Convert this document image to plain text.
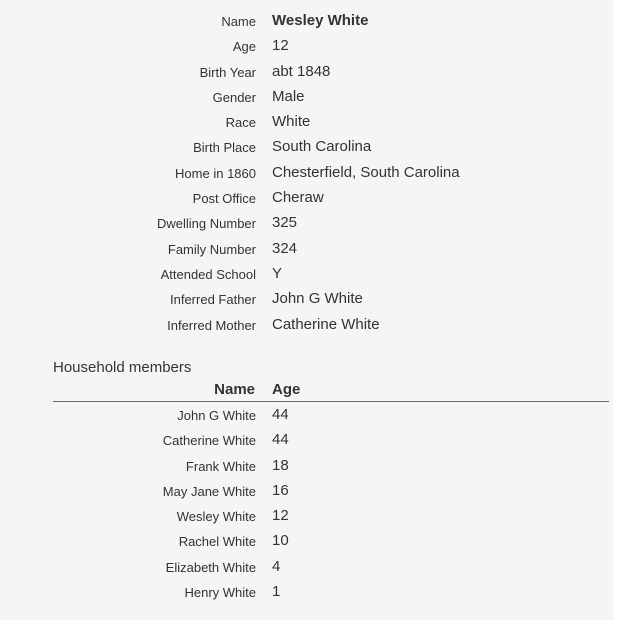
Name Wesley White
Age 12
Birth Year abt 1848
Gender Male
Race White
Birth Place South Carolina
Home in 1860 Chesterfield, South Carolina
Post Office Cheraw
Dwelling Number 325
Family Number 324
Attended School Y
Inferred Father John G White
Inferred Mother Catherine White
Household members
Name Age
John G White 44
Catherine White 44
Frank White 18
May Jane White 16
Wesley White 12
Rachel White 10
Elizabeth White 4
Henry White 1
